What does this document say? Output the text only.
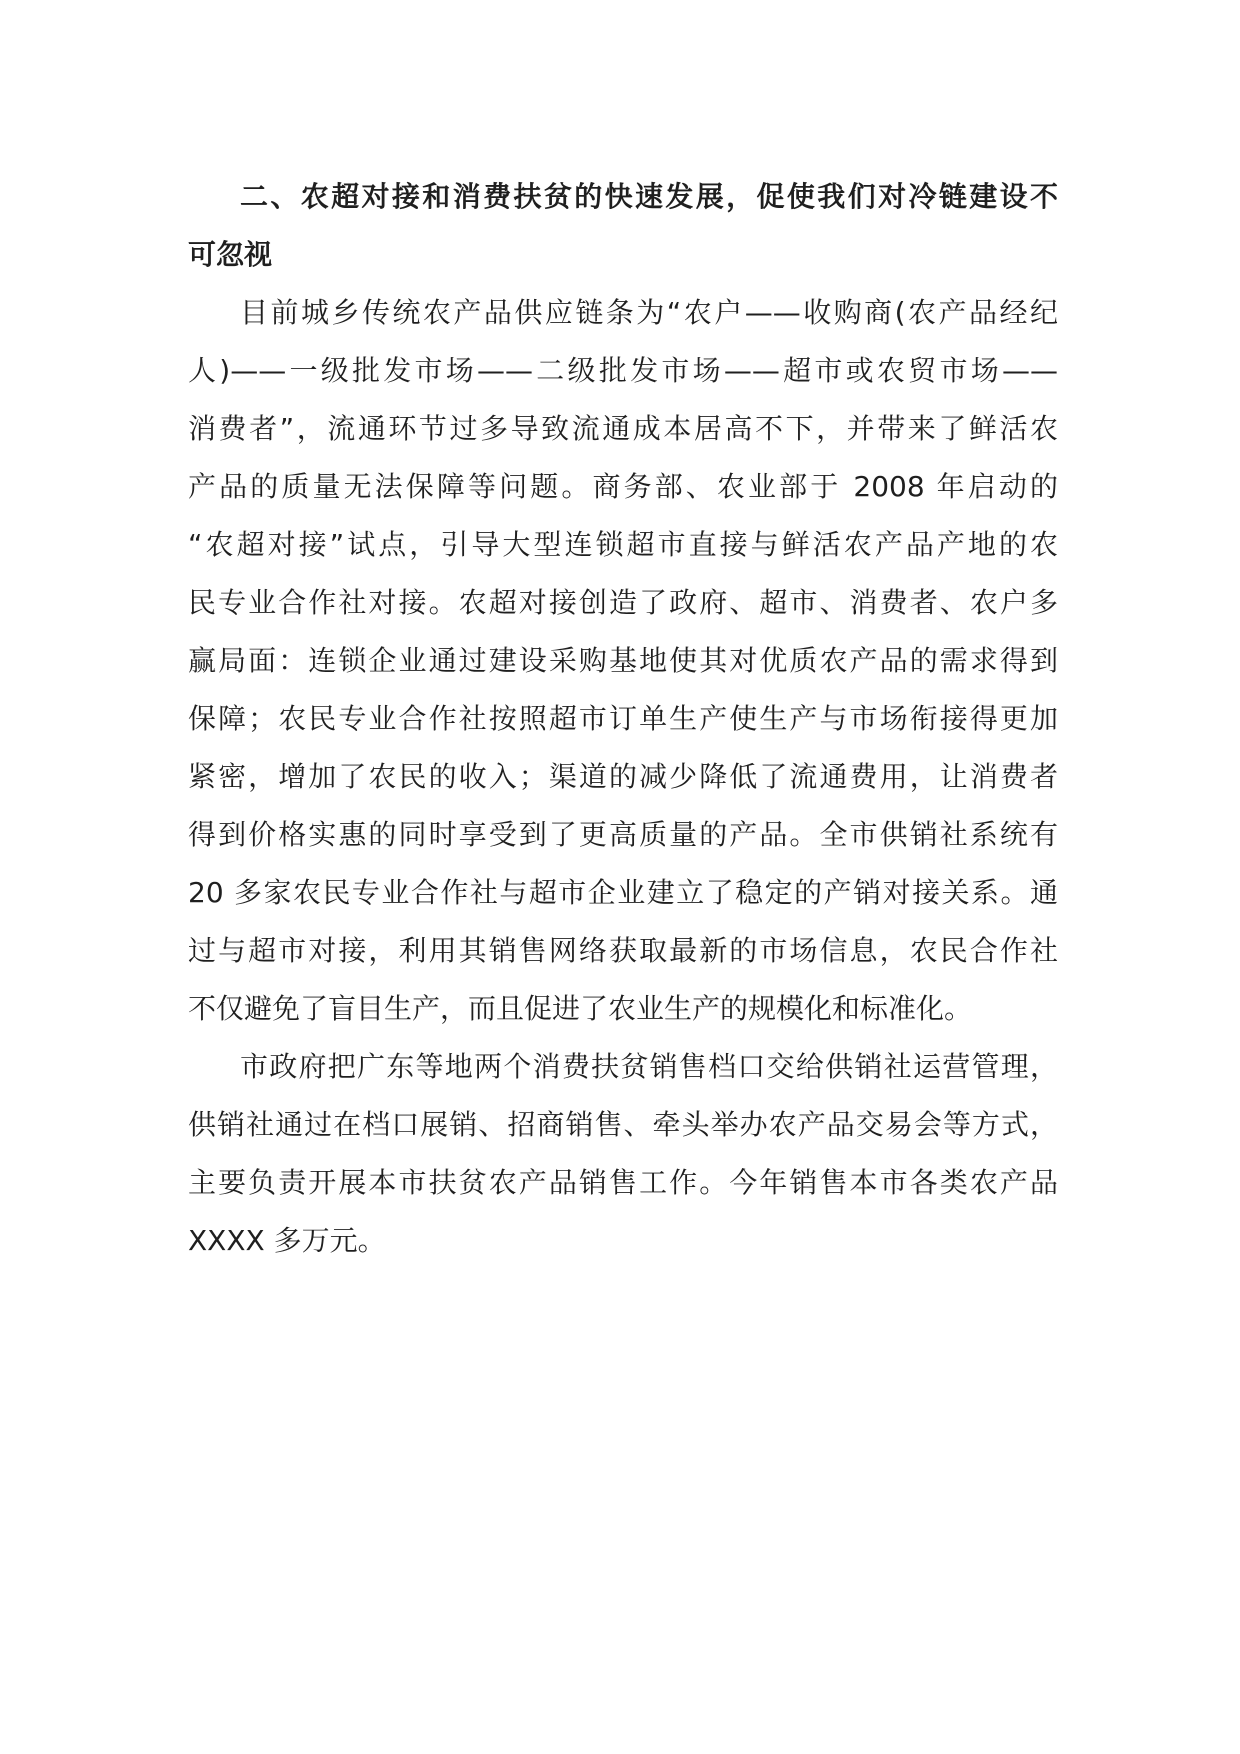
二、农超对接和消费扶贫的快速发展，促使我们对冷链建设不
可忽视
目前城乡传统农产品供应链条为“农户——收购商(农产品经纪
人)——一级批发市场——二级批发市场——超市或农贸市场——
消费者”，流通环节过多导致流通成本居高不下，并带来了鲜活农
产品的质量无法保障等问题。商务部、农业部于 2008 年启动的
“农超对接”试点，引导大型连锁超市直接与鲜活农产品产地的农
民专业合作社对接。农超对接创造了政府、超市、消费者、农户多
赢局面：连锁企业通过建设采购基地使其对优质农产品的需求得到
保障；农民专业合作社按照超市订单生产使生产与市场衔接得更加
紧密，增加了农民的收入；渠道的减少降低了流通费用，让消费者
得到价格实惠的同时享受到了更高质量的产品。全市供销社系统有
20 多家农民专业合作社与超市企业建立了稳定的产销对接关系。通
过与超市对接，利用其销售网络获取最新的市场信息，农民合作社
不仅避免了盲目生产，而且促进了农业生产的规模化和标准化。
市政府把广东等地两个消费扶贫销售档口交给供销社运营管理，
供销社通过在档口展销、招商销售、牵头举办农产品交易会等方式，
主要负责开展本市扶贫农产品销售工作。今年销售本市各类农产品
XXXX 多万元。
